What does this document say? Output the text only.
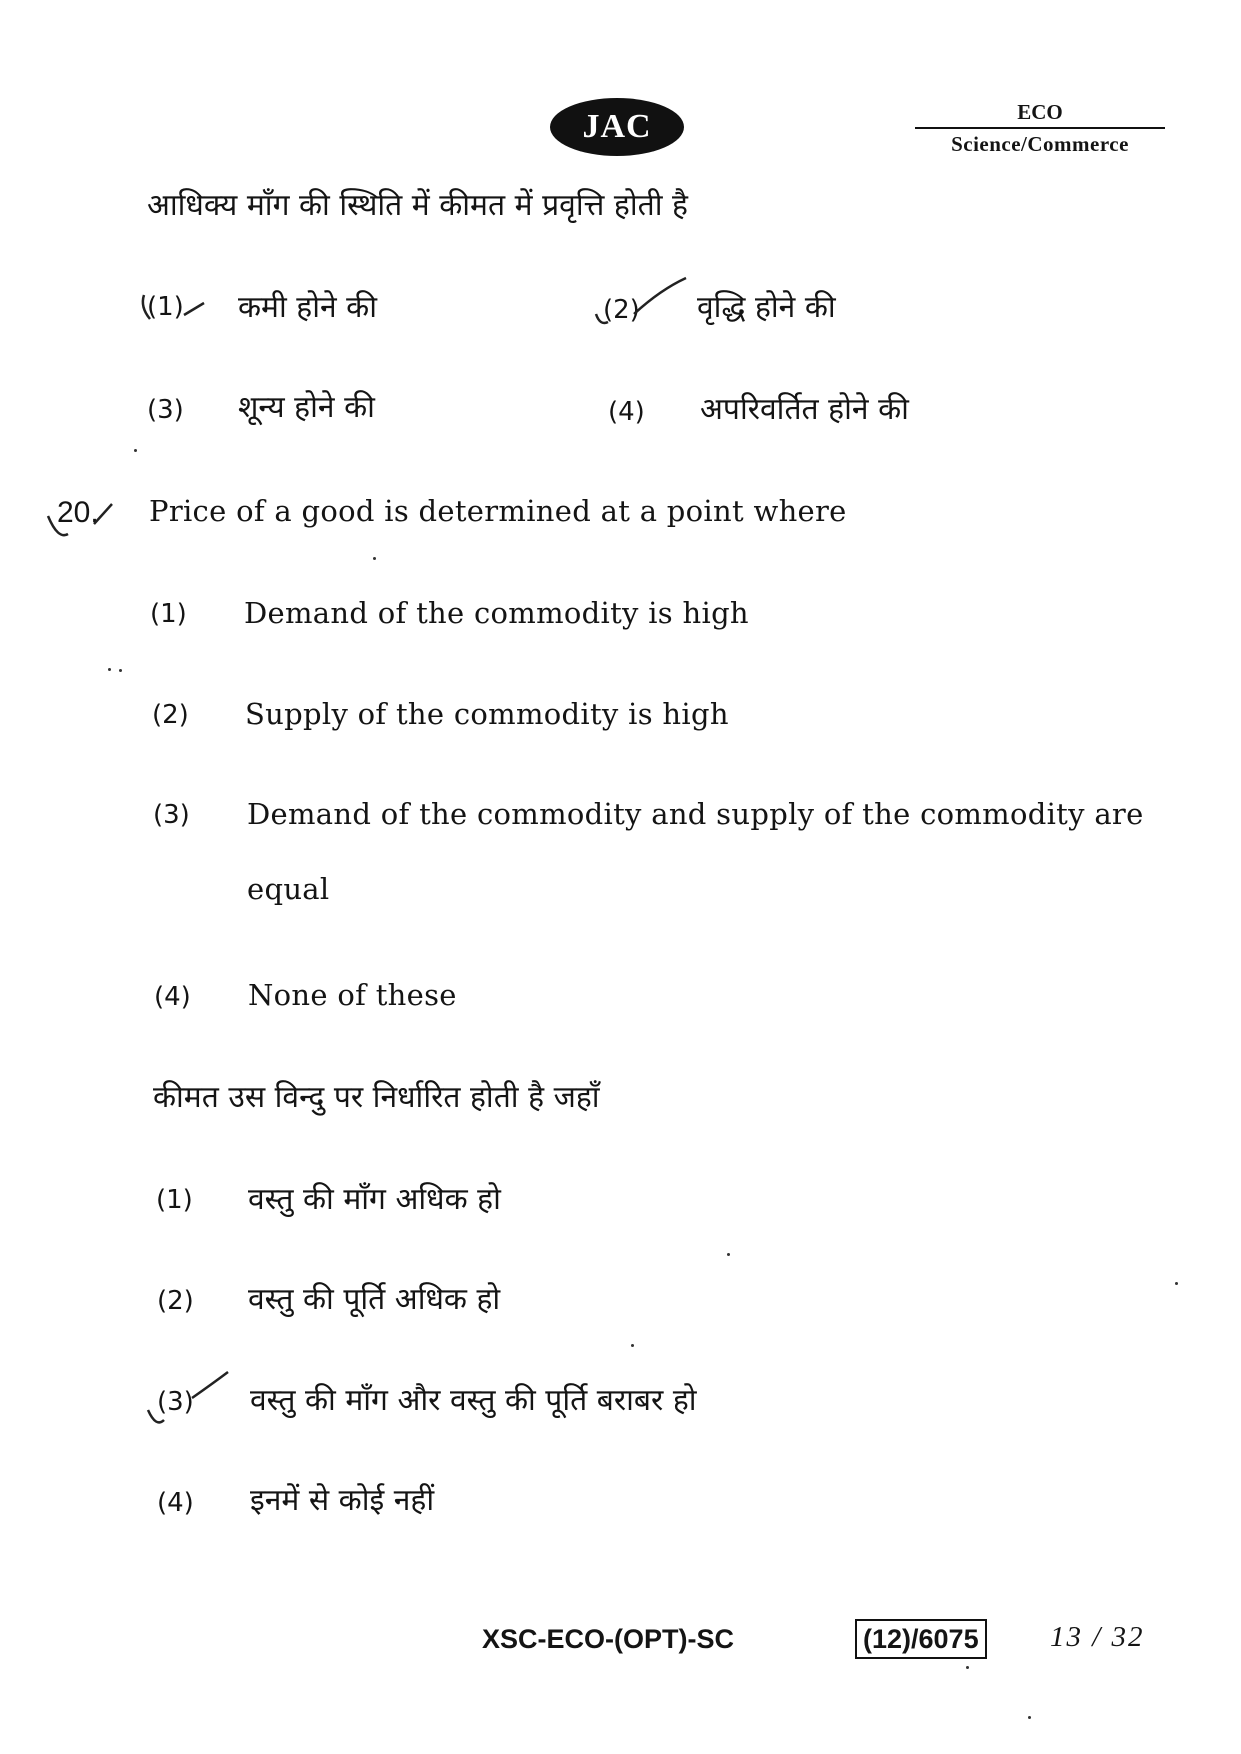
JAC	ECO
Science/Commerce
आधिक्य माँग की स्थिति में कीमत में प्रवृत्ति होती है
(1) कमी होने की	(2) वृद्धि होने की
(3) शून्य होने की	(4) अपरिवर्तित होने की
20. Price of a good is determined at a point where
(1) Demand of the commodity is high
(2) Supply of the commodity is high
(3) Demand of the commodity and supply of the commodity are
equal
(4) None of these
कीमत उस विन्दु पर निर्धारित होती है जहाँ
(1) वस्तु की माँग अधिक हो
(2) वस्तु की पूर्ति अधिक हो
(3) वस्तु की माँग और वस्तु की पूर्ति बराबर हो
(4) इनमें से कोई नहीं
XSC-ECO-(OPT)-SC	(12)/6075 13 / 32
